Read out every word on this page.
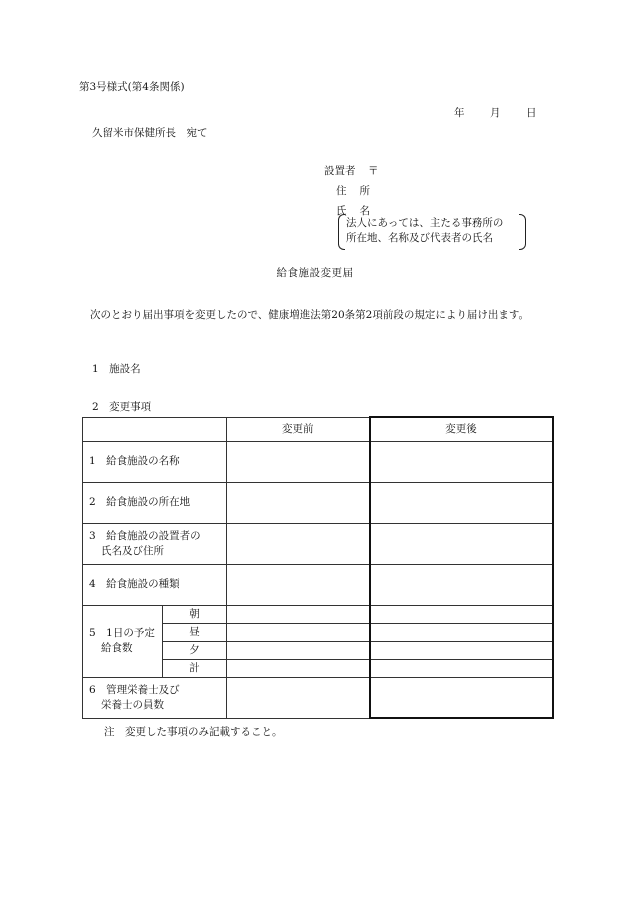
第3号様式(第4条関係)
年 月 日
久留米市保健所長　宛て
設置者 〒
住所
氏名
法人にあっては、主たる事務所の
所在地、名称及び代表者の氏名
給食施設変更届
次のとおり届出事項を変更したので、健康増進法第20条第2項前段の規定により届け出ます。
1　施設名
2　変更事項
		変更前	変更後
1　給食施設の名称			
2　給食施設の所在地			

3　給食施設の設置者の
氏名及び住所			

4　給食施設の種類			

5　1日の予定
給食数	朝		
	昼		
	夕		
	計		

6　管理栄養士及び
栄養士の員数			

注　変更した事項のみ記載すること。
